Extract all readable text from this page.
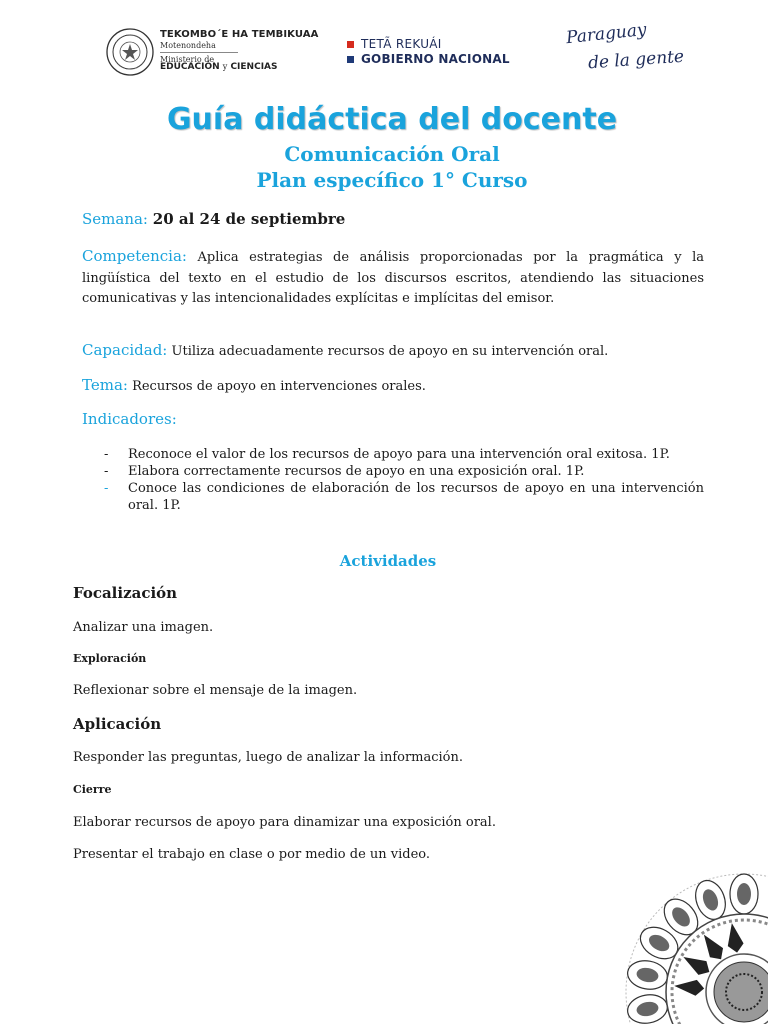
TEKOMBO´E HA TEMBIKUAA
Motenondeha
Ministerio de
EDUCACIÓN y CIENCIAS
TETÃ REKUÁI
GOBIERNO NACIONAL
Paraguay
de la gente
Guía didáctica del docente
Comunicación Oral
Plan específico 1° Curso
Semana: 20 al 24 de septiembre
Competencia: Aplica estrategias de análisis proporcionadas por la pragmática y la lingüística del texto en el estudio de los discursos escritos, atendiendo las situaciones comunicativas y las intencionalidades explícitas e implícitas del emisor.
Capacidad: Utiliza adecuadamente recursos de apoyo en su intervención oral.
Tema: Recursos de apoyo en intervenciones orales.
Indicadores:
-	Reconoce el valor de los recursos de apoyo para una intervención oral exitosa. 1P.
-	Elabora correctamente recursos de apoyo en una exposición oral. 1P.
-	Conoce las condiciones de elaboración de los recursos de apoyo en una intervención oral. 1P.
Actividades
Focalización
Analizar una imagen.
Exploración
Reflexionar sobre el mensaje de la imagen.
Aplicación
Responder las preguntas, luego de analizar la información.
Cierre
Elaborar recursos de apoyo para dinamizar una exposición oral.
Presentar el trabajo en clase o por medio de un video.
